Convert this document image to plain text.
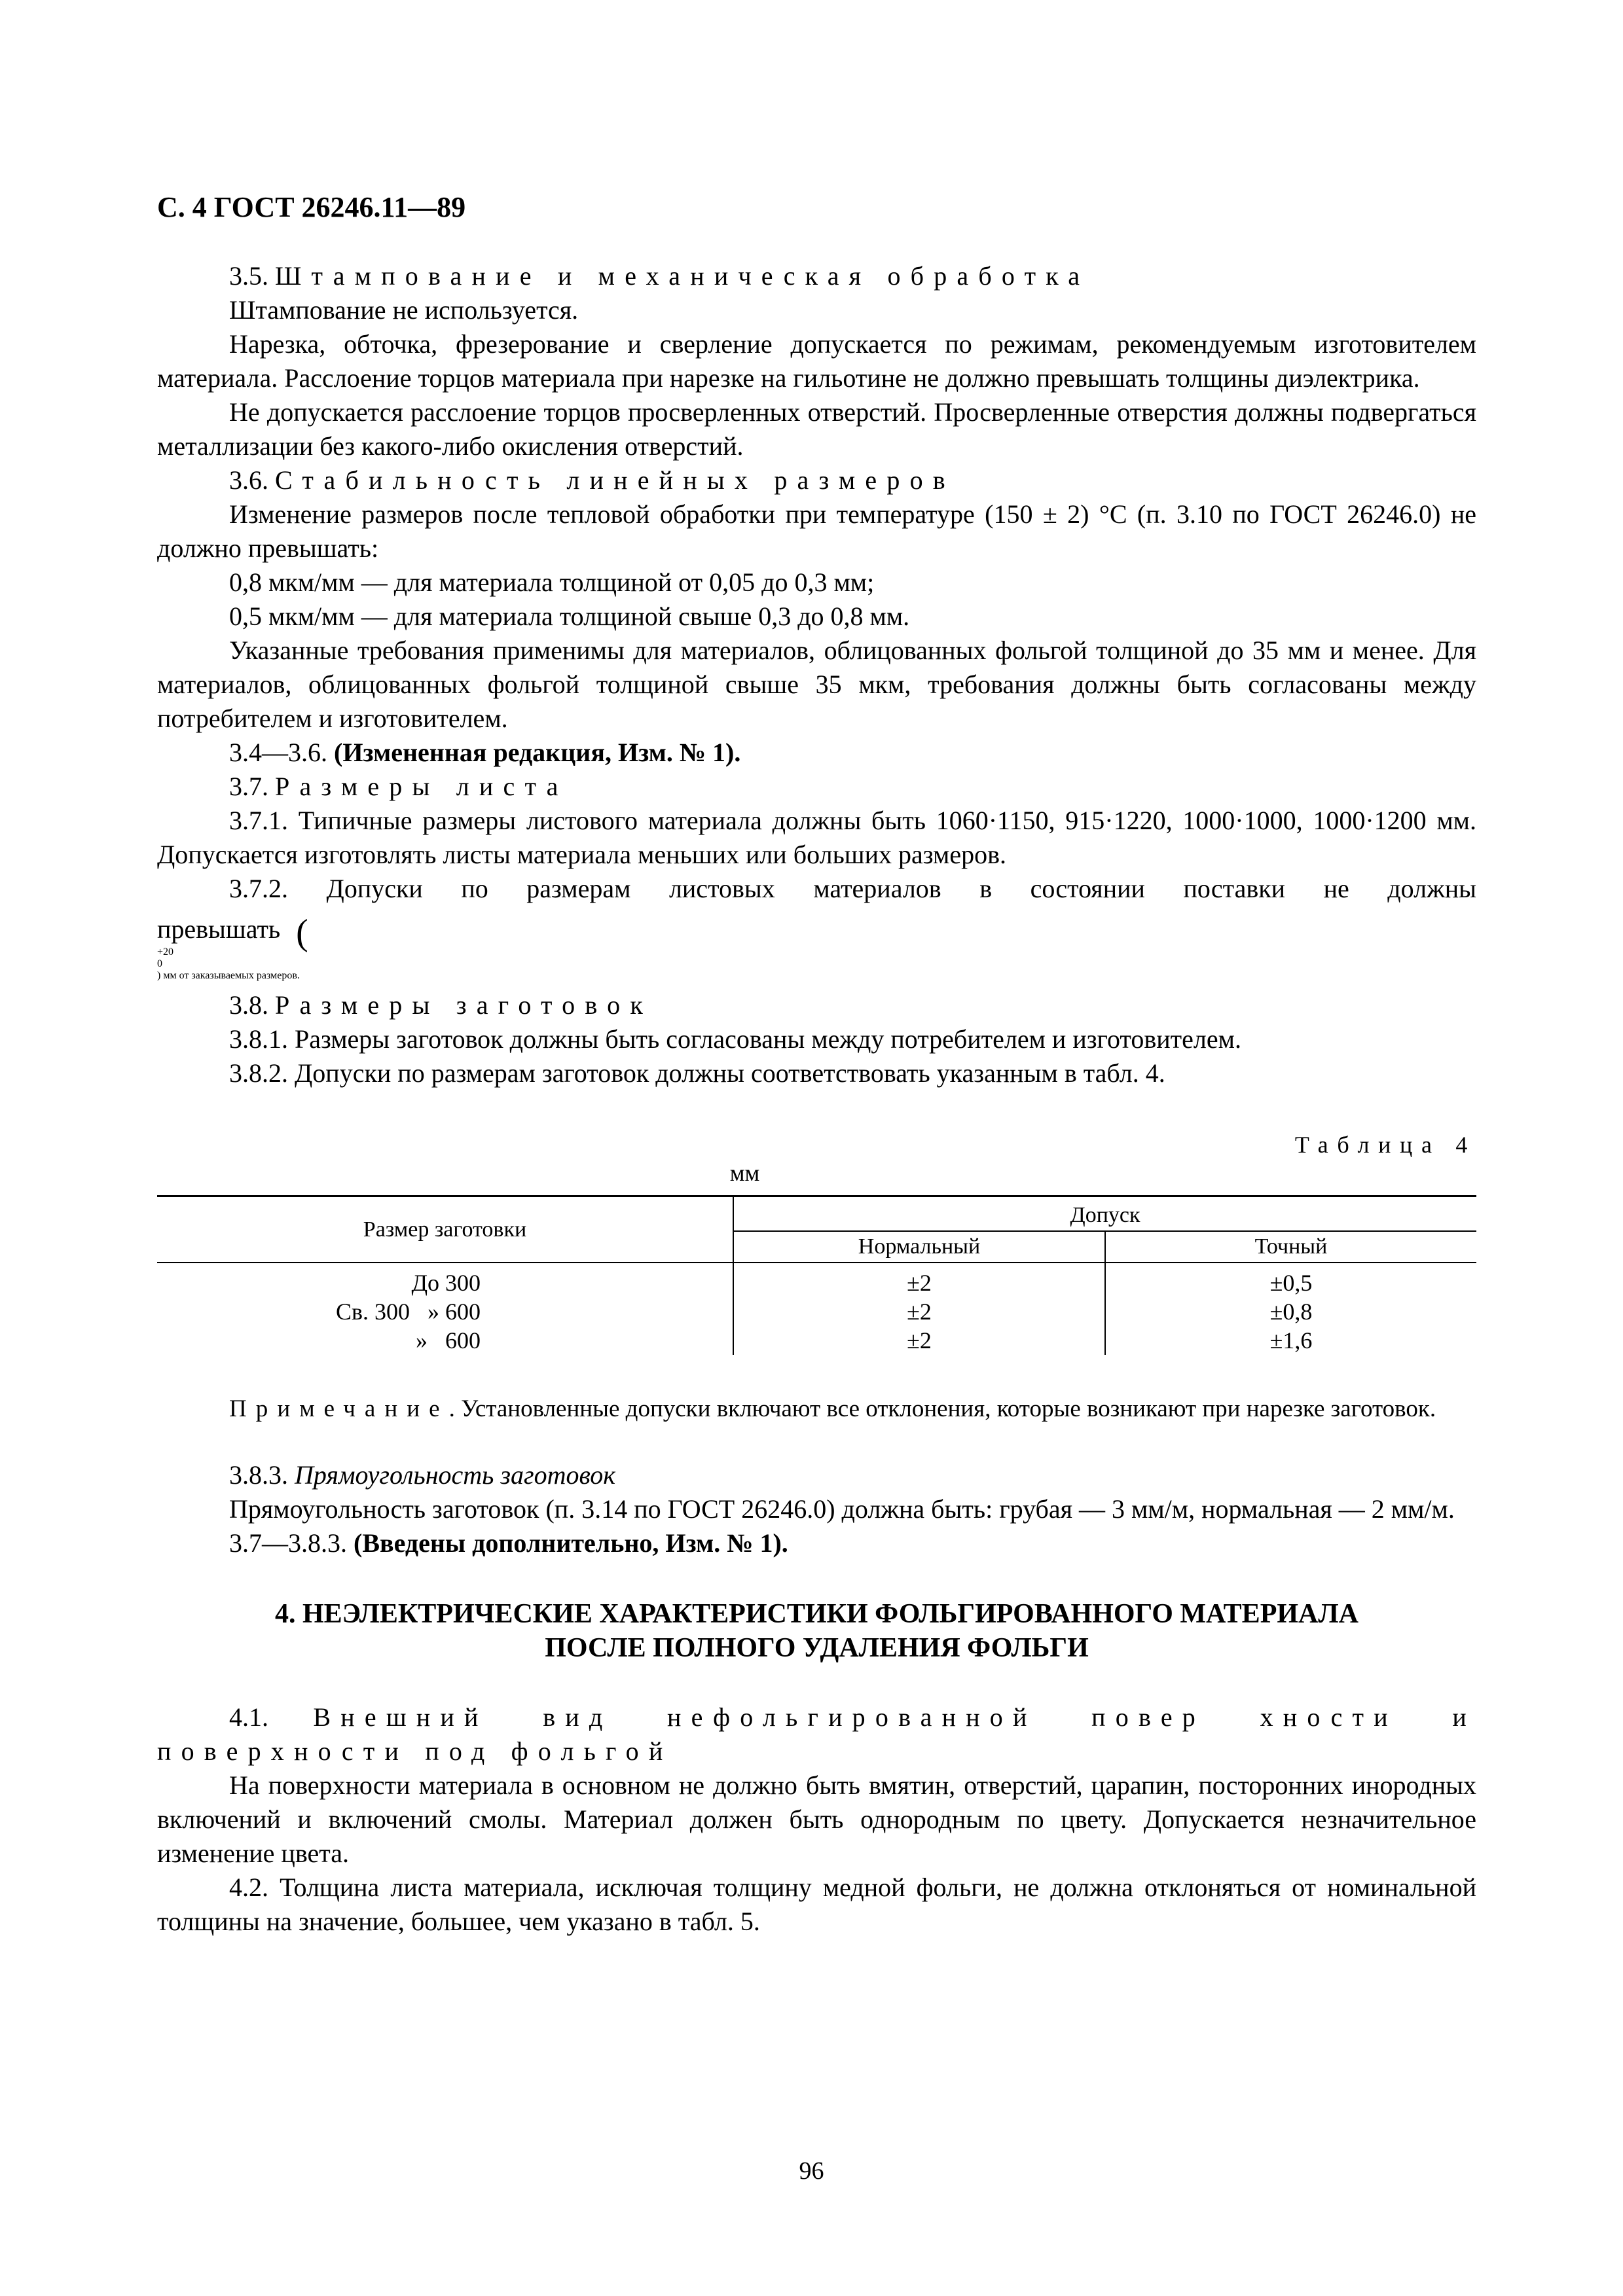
С. 4 ГОСТ 26246.11—89

3.5. Штампование и механическая обработка

Штампование не используется.

Нарезка, обточка, фрезерование и сверление допускается по режимам, рекомендуемым изготовителем материала. Расслоение торцов материала при нарезке на гильотине не должно превышать толщины диэлектрика.

Не допускается расслоение торцов просверленных отверстий. Просверленные отверстия должны подвергаться металлизации без какого-либо окисления отверстий.

3.6. Стабильность линейных размеров

Изменение размеров после тепловой обработки при температуре (150 ± 2) °С (п. 3.10 по ГОСТ 26246.0) не должно превышать:

0,8 мкм/мм — для материала толщиной от 0,05 до 0,3 мм;

0,5 мкм/мм — для материала толщиной свыше 0,3 до 0,8 мм.

Указанные требования применимы для материалов, облицованных фольгой толщиной до 35 мм и менее. Для материалов, облицованных фольгой толщиной свыше 35 мкм, требования должны быть согласованы между потребителем и изготовителем.

3.4—3.6. (Измененная редакция, Изм. № 1).

3.7. Размеры листа

3.7.1. Типичные размеры листового материала должны быть 1060·1150, 915·1220, 1000·1000, 1000·1200 мм. Допускается изготовлять листы материала меньших или больших размеров.

3.7.2. Допуски по размерам листовых материалов в состоянии поставки не должны

превышать (

+20
0
) мм от заказываемых размеров.

3.8. Размеры заготовок

3.8.1. Размеры заготовок должны быть согласованы между потребителем и изготовителем.

3.8.2. Допуски по размерам заготовок должны соответствовать указанным в табл. 4.

Таблица 4
мм
Размер заготовки	Допуск	
	Нормальный	Точный
До 300	±2	±0,5
Св. 300   » 600	±2	±0,8
»   600	±2	±1,6

Примечание. Установленные допуски включают все отклонения, которые возникают при нарезке заготовок.

3.8.3. Прямоугольность заготовок

Прямоугольность заготовок (п. 3.14 по ГОСТ 26246.0) должна быть: грубая — 3 мм/м, нормальная — 2 мм/м.

3.7—3.8.3. (Введены дополнительно, Изм. № 1).

4. НЕЭЛЕКТРИЧЕСКИЕ ХАРАКТЕРИСТИКИ ФОЛЬГИРОВАННОГО МАТЕРИАЛА
ПОСЛЕ ПОЛНОГО УДАЛЕНИЯ ФОЛЬГИ

4.1. Внешний вид нефольгированной повер хности и поверхности под фольгой

На поверхности материала в основном не должно быть вмятин, отверстий, царапин, посторонних инородных включений и включений смолы. Материал должен быть однородным по цвету. Допускается незначительное изменение цвета.

4.2. Толщина листа материала, исключая толщину медной фольги, не должна отклоняться от номинальной толщины на значение, большее, чем указано в табл. 5.

96
